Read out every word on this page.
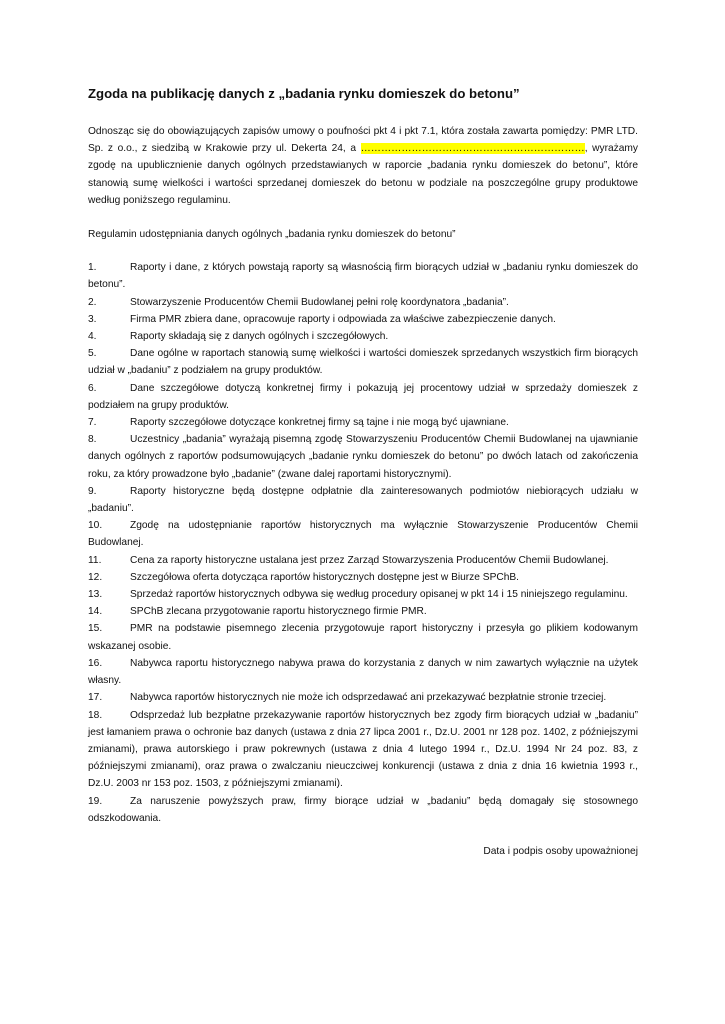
Zgoda na publikację danych z „badania rynku domieszek do betonu”

Odnosząc się do obowiązujących zapisów umowy o poufności pkt 4 i pkt 7.1, która została zawarta pomiędzy: PMR LTD. Sp. z o.o., z siedzibą w Krakowie przy ul. Dekerta 24, a …………………………………………………………, wyrażamy zgodę na upublicznienie danych ogólnych przedstawianych w raporcie „badania rynku domieszek do betonu”, które stanowią sumę wielkości i wartości sprzedanej domieszek do betonu w podziale na poszczególne grupy produktowe według poniższego regulaminu.

Regulamin udostępniania danych ogólnych „badania rynku domieszek do betonu”

1.	Raporty i dane, z których powstają raporty są własnością firm biorących udział w „badaniu rynku domieszek do betonu”.
2.	Stowarzyszenie Producentów Chemii Budowlanej pełni rolę koordynatora „badania”.
3.	Firma PMR zbiera dane, opracowuje raporty i odpowiada za właściwe zabezpieczenie danych.
4.	Raporty składają się z danych ogólnych i szczegółowych.
5.	Dane ogólne w raportach stanowią sumę wielkości i wartości domieszek sprzedanych wszystkich firm biorących udział w „badaniu” z podziałem na grupy produktów.
6.	Dane szczegółowe dotyczą konkretnej firmy i pokazują jej procentowy udział w sprzedaży domieszek z podziałem na grupy produktów.
7.	Raporty szczegółowe dotyczące konkretnej firmy są tajne i nie mogą być ujawniane.
8.	Uczestnicy „badania” wyrażają pisemną zgodę Stowarzyszeniu Producentów Chemii Budowlanej na ujawnianie danych ogólnych z raportów podsumowujących „badanie rynku domieszek do betonu” po dwóch latach od zakończenia roku, za który prowadzone było „badanie” (zwane dalej raportami historycznymi).
9.	Raporty historyczne będą dostępne odpłatnie dla zainteresowanych podmiotów niebiorących udziału w „badaniu”.
10.	Zgodę na udostępnianie raportów historycznych ma wyłącznie Stowarzyszenie Producentów Chemii Budowlanej.
11.	Cena za raporty historyczne ustalana jest przez Zarząd Stowarzyszenia Producentów Chemii Budowlanej.
12.	Szczegółowa oferta dotycząca raportów historycznych dostępne jest w Biurze SPChB.
13.	Sprzedaż raportów historycznych odbywa się według procedury opisanej w pkt 14 i 15 niniejszego regulaminu.
14.	SPChB zlecana przygotowanie raportu historycznego firmie PMR.
15.	PMR na podstawie pisemnego zlecenia przygotowuje raport historyczny i przesyła go plikiem kodowanym wskazanej osobie.
16.	Nabywca raportu historycznego nabywa prawa do korzystania z danych w nim zawartych wyłącznie na użytek własny.
17.	Nabywca raportów historycznych nie może ich odsprzedawać ani przekazywać bezpłatnie stronie trzeciej.
18.	Odsprzedaż lub bezpłatne przekazywanie raportów historycznych bez zgody firm biorących udział w „badaniu” jest łamaniem prawa o ochronie baz danych (ustawa z dnia 27 lipca 2001 r., Dz.U. 2001 nr 128 poz. 1402, z późniejszymi zmianami), prawa autorskiego i praw pokrewnych (ustawa z dnia 4 lutego 1994 r., Dz.U. 1994 Nr 24 poz. 83, z późniejszymi zmianami), oraz prawa o zwalczaniu nieuczciwej konkurencji (ustawa z dnia z dnia 16 kwietnia 1993 r., Dz.U. 2003 nr 153 poz. 1503, z późniejszymi zmianami).
19.	Za naruszenie powyższych praw, firmy biorące udział w „badaniu” będą domagały się stosownego odszkodowania.
Data i podpis osoby upoważnionej
